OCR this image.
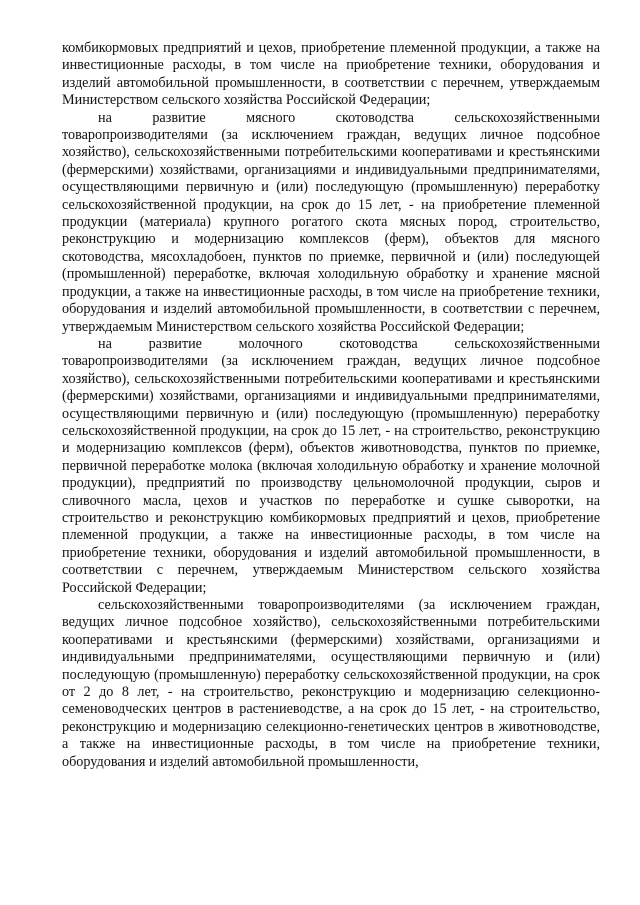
комбикормовых предприятий и цехов, приобретение племенной продукции, а также на инвестиционные расходы, в том числе на приобретение техники, оборудования и изделий автомобильной промышленности, в соответствии с перечнем, утверждаемым Министерством сельского хозяйства Российской Федерации;

на развитие мясного скотоводства сельскохозяйственными товаропроизводителями (за исключением граждан, ведущих личное подсобное хозяйство), сельскохозяйственными потребительскими кооперативами и крестьянскими (фермерскими) хозяйствами, организациями и индивидуальными предпринимателями, осуществляющими первичную и (или) последующую (промышленную) переработку сельскохозяйственной продукции, на срок до 15 лет, - на приобретение племенной продукции (материала) крупного рогатого скота мясных пород, строительство, реконструкцию и модернизацию комплексов (ферм), объектов для мясного скотоводства, мясохладобоен, пунктов по приемке, первичной и (или) последующей (промышленной) переработке, включая холодильную обработку и хранение мясной продукции, а также на инвестиционные расходы, в том числе на приобретение техники, оборудования и изделий автомобильной промышленности, в соответствии с перечнем, утверждаемым Министерством сельского хозяйства Российской Федерации;

на развитие молочного скотоводства сельскохозяйственными товаропроизводителями (за исключением граждан, ведущих личное подсобное хозяйство), сельскохозяйственными потребительскими кооперативами и крестьянскими (фермерскими) хозяйствами, организациями и индивидуальными предпринимателями, осуществляющими первичную и (или) последующую (промышленную) переработку сельскохозяйственной продукции, на срок до 15 лет, - на строительство, реконструкцию и модернизацию комплексов (ферм), объектов животноводства, пунктов по приемке, первичной переработке молока (включая холодильную обработку и хранение молочной продукции), предприятий по производству цельномолочной продукции, сыров и сливочного масла, цехов и участков по переработке и сушке сыворотки, на строительство и реконструкцию комбикормовых предприятий и цехов, приобретение племенной продукции, а также на инвестиционные расходы, в том числе на приобретение техники, оборудования и изделий автомобильной промышленности, в соответствии с перечнем, утверждаемым Министерством сельского хозяйства Российской Федерации;

сельскохозяйственными товаропроизводителями (за исключением граждан, ведущих личное подсобное хозяйство), сельскохозяйственными потребительскими кооперативами и крестьянскими (фермерскими) хозяйствами, организациями и индивидуальными предпринимателями, осуществляющими первичную и (или) последующую (промышленную) переработку сельскохозяйственной продукции, на срок от 2 до 8 лет, - на строительство, реконструкцию и модернизацию селекционно-семеноводческих центров в растениеводстве, а на срок до 15 лет, - на строительство, реконструкцию и модернизацию селекционно-генетических центров в животноводстве, а также на инвестиционные расходы, в том числе на приобретение техники, оборудования и изделий автомобильной промышленности,
